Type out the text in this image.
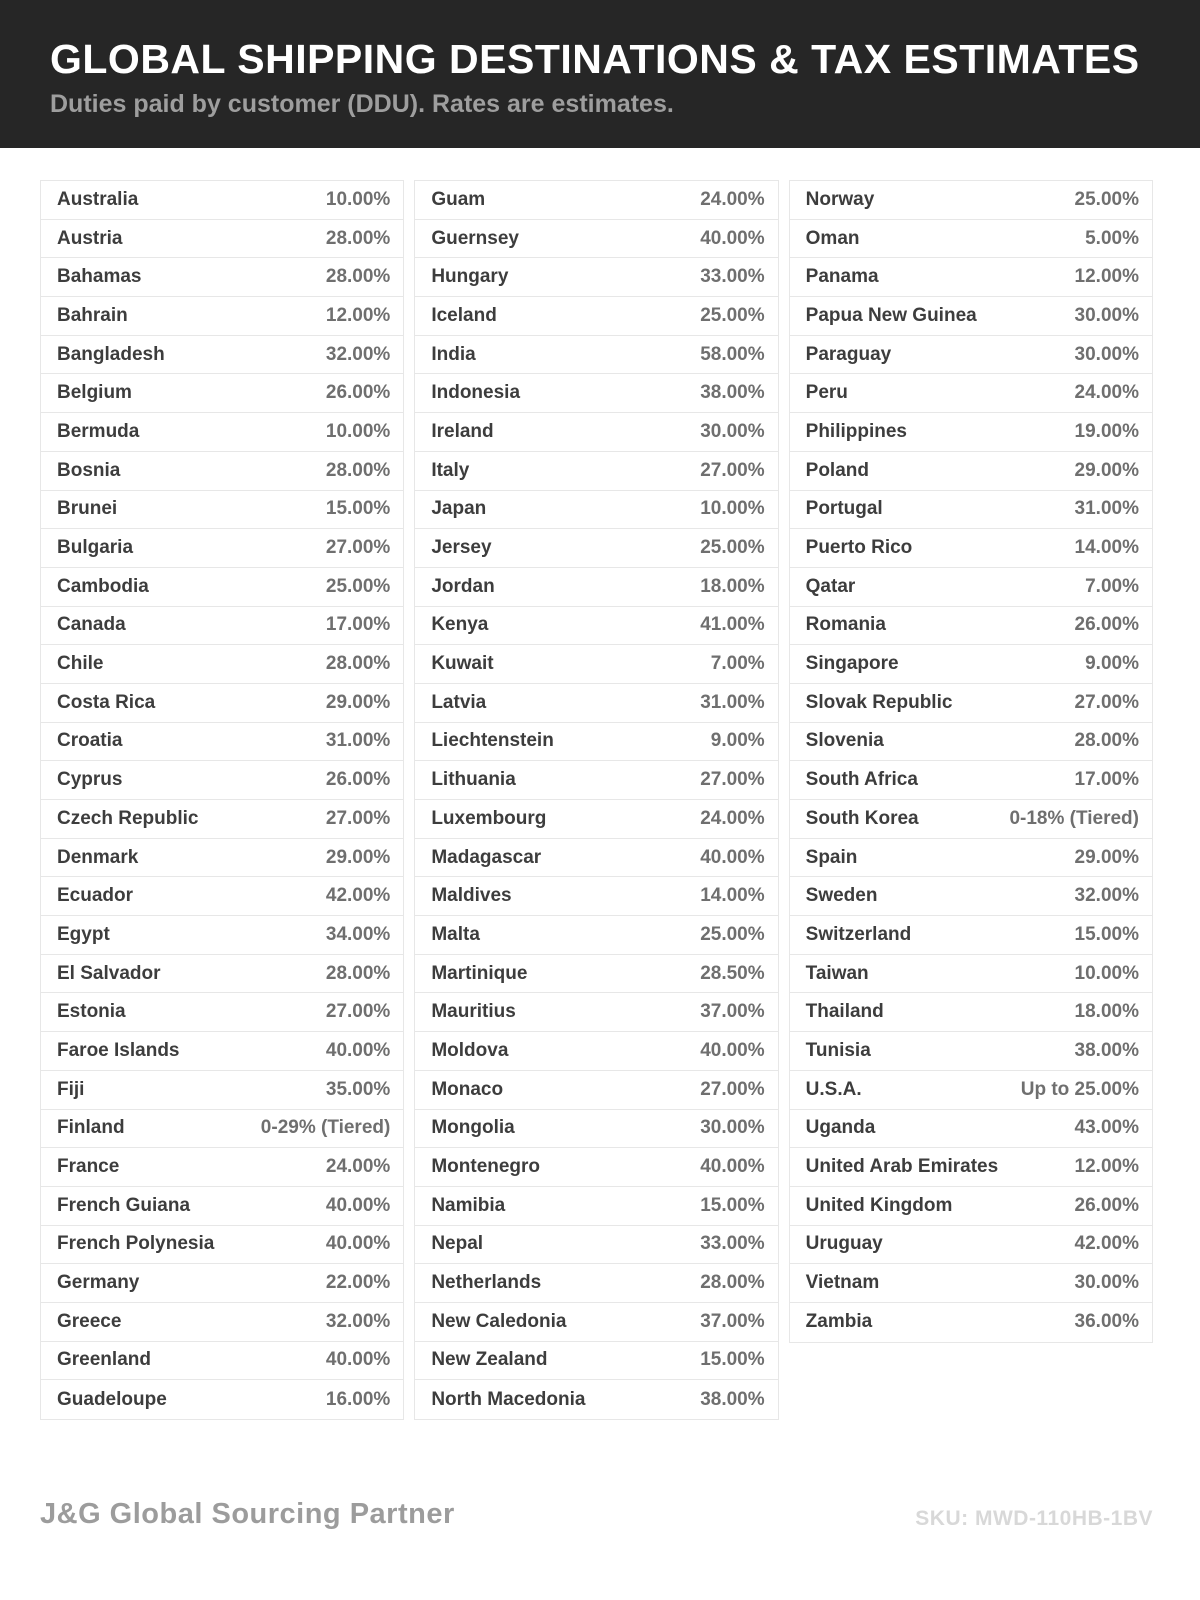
GLOBAL SHIPPING DESTINATIONS & TAX ESTIMATES

Duties paid by customer (DDU). Rates are estimates.

Australia	10.00%
Austria	28.00%
Bahamas	28.00%
Bahrain	12.00%
Bangladesh	32.00%
Belgium	26.00%
Bermuda	10.00%
Bosnia	28.00%
Brunei	15.00%
Bulgaria	27.00%
Cambodia	25.00%
Canada	17.00%
Chile	28.00%
Costa Rica	29.00%
Croatia	31.00%
Cyprus	26.00%
Czech Republic	27.00%
Denmark	29.00%
Ecuador	42.00%
Egypt	34.00%
El Salvador	28.00%
Estonia	27.00%
Faroe Islands	40.00%
Fiji	35.00%
Finland	0-29% (Tiered)
France	24.00%
French Guiana	40.00%
French Polynesia	40.00%
Germany	22.00%
Greece	32.00%
Greenland	40.00%
Guadeloupe	16.00%
Guam	24.00%
Guernsey	40.00%
Hungary	33.00%
Iceland	25.00%
India	58.00%
Indonesia	38.00%
Ireland	30.00%
Italy	27.00%
Japan	10.00%
Jersey	25.00%
Jordan	18.00%
Kenya	41.00%
Kuwait	7.00%
Latvia	31.00%
Liechtenstein	9.00%
Lithuania	27.00%
Luxembourg	24.00%
Madagascar	40.00%
Maldives	14.00%
Malta	25.00%
Martinique	28.50%
Mauritius	37.00%
Moldova	40.00%
Monaco	27.00%
Mongolia	30.00%
Montenegro	40.00%
Namibia	15.00%
Nepal	33.00%
Netherlands	28.00%
New Caledonia	37.00%
New Zealand	15.00%
North Macedonia	38.00%
Norway	25.00%
Oman	5.00%
Panama	12.00%
Papua New Guinea	30.00%
Paraguay	30.00%
Peru	24.00%
Philippines	19.00%
Poland	29.00%
Portugal	31.00%
Puerto Rico	14.00%
Qatar	7.00%
Romania	26.00%
Singapore	9.00%
Slovak Republic	27.00%
Slovenia	28.00%
South Africa	17.00%
South Korea	0-18% (Tiered)
Spain	29.00%
Sweden	32.00%
Switzerland	15.00%
Taiwan	10.00%
Thailand	18.00%
Tunisia	38.00%
U.S.A.	Up to 25.00%
Uganda	43.00%
United Arab Emirates	12.00%
United Kingdom	26.00%
Uruguay	42.00%
Vietnam	30.00%
Zambia	36.00%
J&G Global Sourcing Partner	SKU: MWD-110HB-1BV
